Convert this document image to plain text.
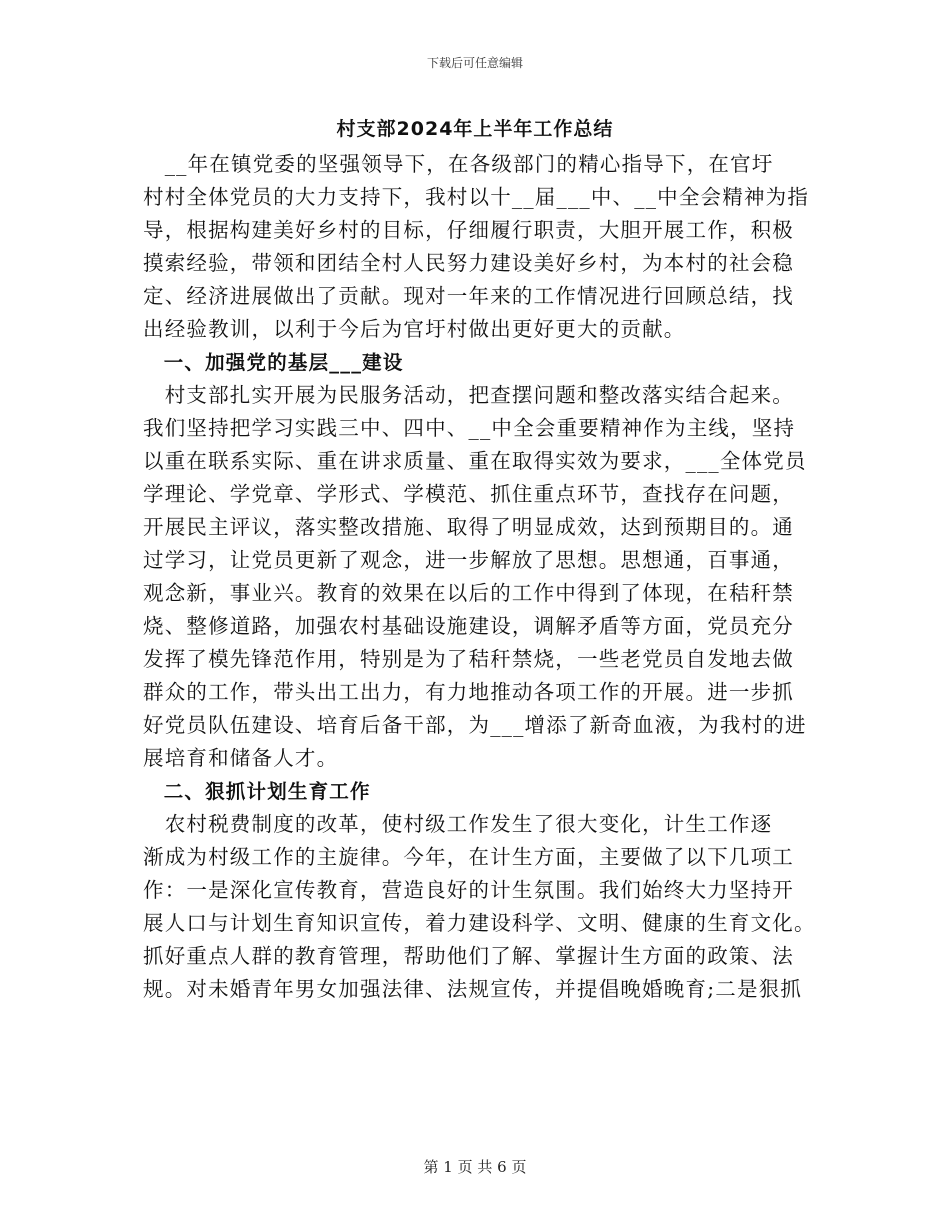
下载后可任意编辑
村支部2024年上半年工作总结
　__年在镇党委的坚强领导下，在各级部门的精心指导下，在官圩
村村全体党员的大力支持下，我村以十__届___中、__中全会精神为指
导，根据构建美好乡村的目标，仔细履行职责，大胆开展工作，积极
摸索经验，带领和团结全村人民努力建设美好乡村，为本村的社会稳
定、经济进展做出了贡献。现对一年来的工作情况进行回顾总结，找
出经验教训，以利于今后为官圩村做出更好更大的贡献。
　一、加强党的基层___建设
　村支部扎实开展为民服务活动，把查摆问题和整改落实结合起来。
我们坚持把学习实践三中、四中、__中全会重要精神作为主线，坚持
以重在联系实际、重在讲求质量、重在取得实效为要求，___全体党员
学理论、学党章、学形式、学模范、抓住重点环节，查找存在问题，
开展民主评议，落实整改措施、取得了明显成效，达到预期目的。通
过学习，让党员更新了观念，进一步解放了思想。思想通，百事通，
观念新，事业兴。教育的效果在以后的工作中得到了体现，在秸秆禁
烧、整修道路，加强农村基础设施建设，调解矛盾等方面，党员充分
发挥了模先锋范作用，特别是为了秸秆禁烧，一些老党员自发地去做
群众的工作，带头出工出力，有力地推动各项工作的开展。进一步抓
好党员队伍建设、培育后备干部，为___增添了新奇血液，为我村的进
展培育和储备人才。
　二、狠抓计划生育工作
　农村税费制度的改革，使村级工作发生了很大变化，计生工作逐
渐成为村级工作的主旋律。今年，在计生方面，主要做了以下几项工
作：一是深化宣传教育，营造良好的计生氛围。我们始终大力坚持开
展人口与计划生育知识宣传，着力建设科学、文明、健康的生育文化。
抓好重点人群的教育管理，帮助他们了解、掌握计生方面的政策、法
规。对未婚青年男女加强法律、法规宣传，并提倡晚婚晚育;二是狠抓
第 1 页 共 6 页
